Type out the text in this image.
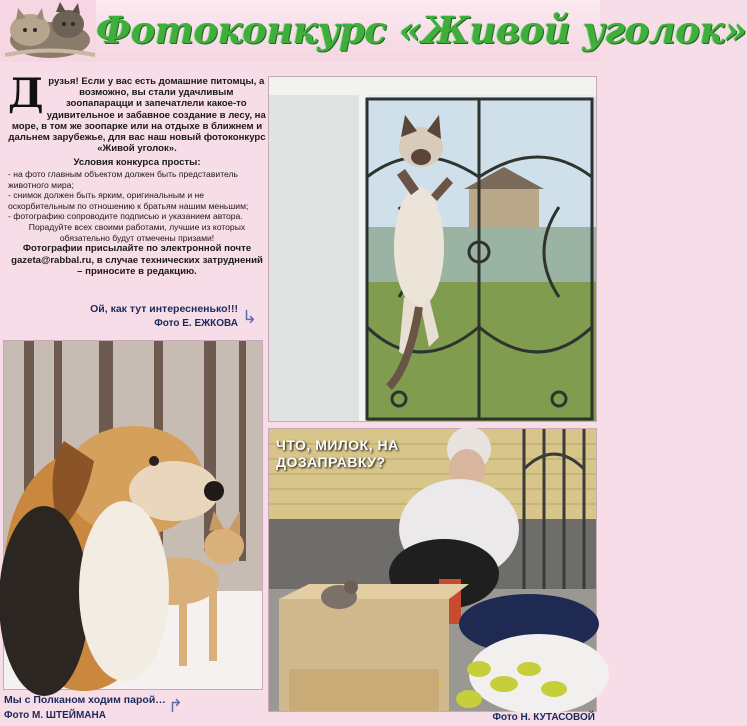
Фотоконкурс «Живой уголок»

Д рузья! Если у вас есть домашние питомцы, а возможно, вы стали удачливым зоопапарацци и запечатлели какое-то удивительное и забавное создание в лесу, на море, в том же зоопарке или на отдыхе в ближнем и дальнем зарубежье, для вас наш новый фотоконкурс «Живой уголок».

Условия конкурса просты:

- на фото главным объектом должен быть представитель животного мира;

- снимок должен быть ярким, оригинальным и не оскорбительным по отношению к братьям нашим меньшим;

- фотографию сопроводите подписью и указанием автора.

Порадуйте всех своими работами, лучшие из которых обязательно будут отмечены призами!

Фотографии присылайте по электронной почте gazeta@rabbal.ru, в случае технических затруднений – приносите в редакцию.

Ой, как тут интересненько!!!
Фото Е. ЕЖКОВА ↳
Мы с Полканом ходим парой…
Фото М. ШТЕЙМАНА	↱
ЧТО, МИЛОК, НА ДОЗАПРАВКУ?
Фото Н. КУТАСОВОЙ
